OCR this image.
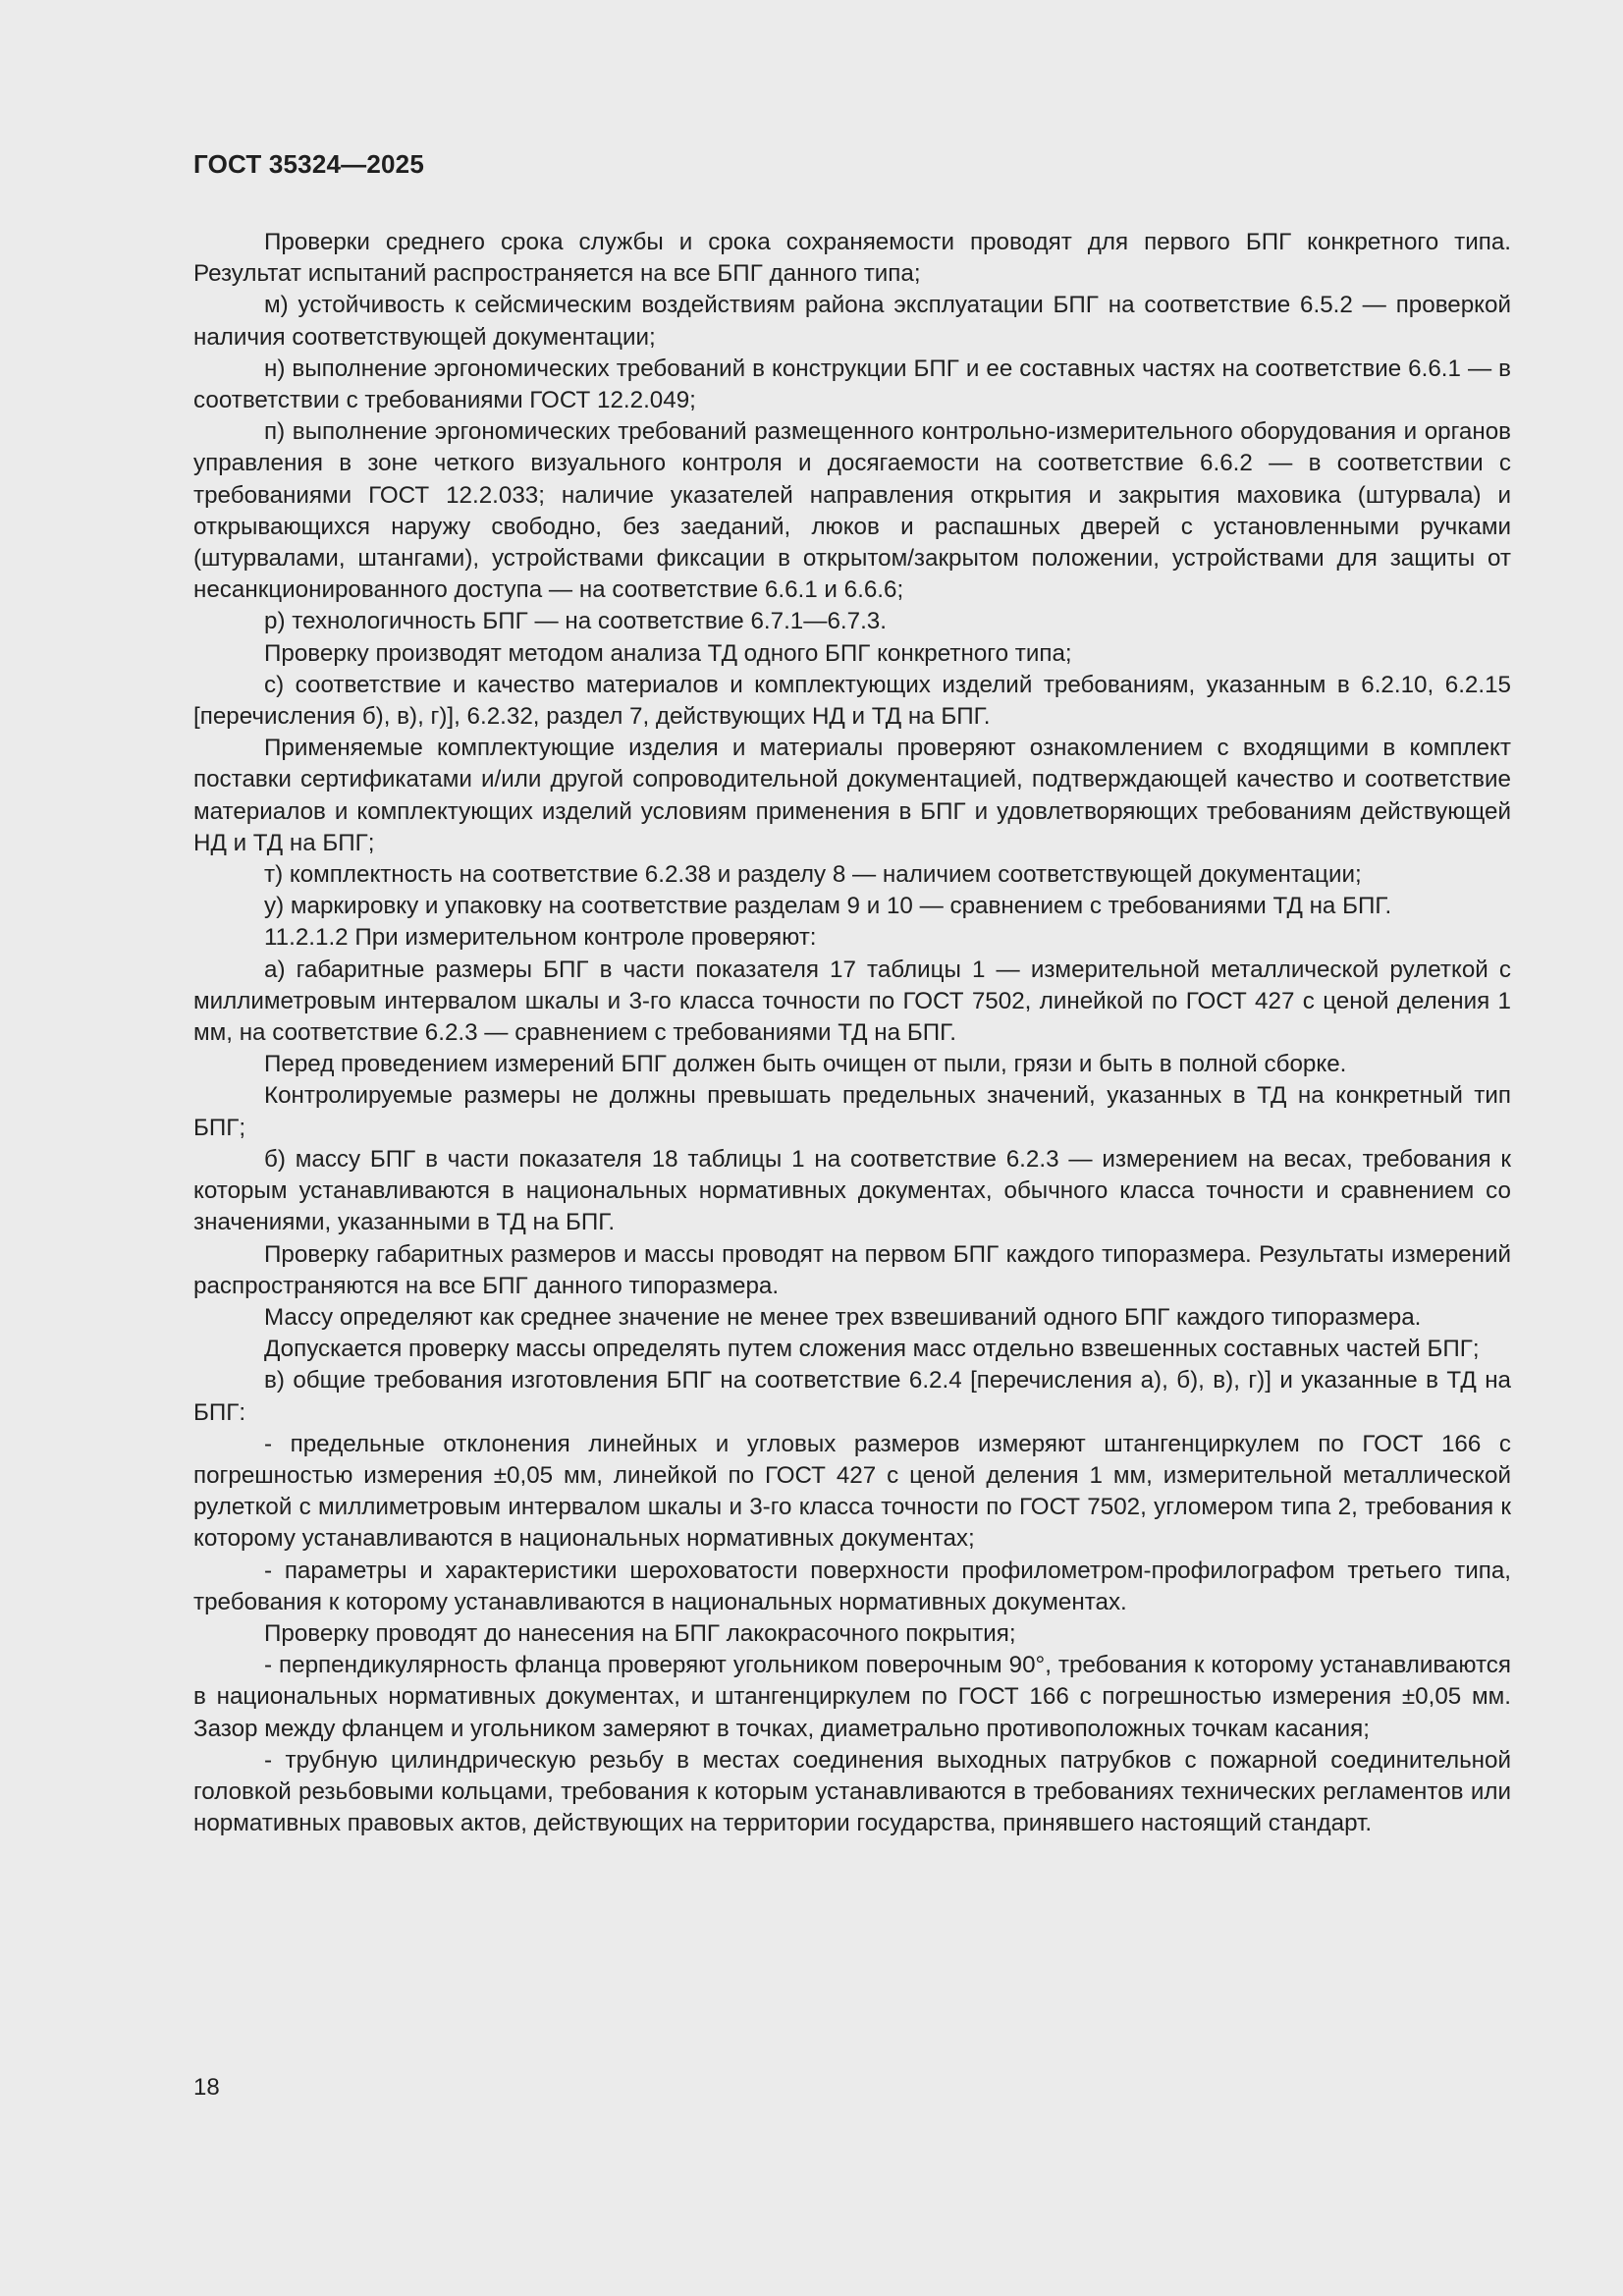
ГОСТ 35324—2025

Проверки среднего срока службы и срока сохраняемости проводят для первого БПГ конкретного типа. Результат испытаний распространяется на все БПГ данного типа;

м) устойчивость к сейсмическим воздействиям района эксплуатации БПГ на соответствие 6.5.2 — проверкой наличия соответствующей документации;

н) выполнение эргономических требований в конструкции БПГ и ее составных частях на соответствие 6.6.1 — в соответствии с требованиями ГОСТ 12.2.049;

п) выполнение эргономических требований размещенного контрольно-измерительного оборудования и органов управления в зоне четкого визуального контроля и досягаемости на соответствие 6.6.2 — в соответствии с требованиями ГОСТ 12.2.033; наличие указателей направления открытия и закрытия маховика (штурвала) и открывающихся наружу свободно, без заеданий, люков и распашных дверей с установленными ручками (штурвалами, штангами), устройствами фиксации в открытом/закрытом положении, устройствами для защиты от несанкционированного доступа — на соответствие 6.6.1 и 6.6.6;

р) технологичность БПГ — на соответствие 6.7.1—6.7.3.

Проверку производят методом анализа ТД одного БПГ конкретного типа;

с) соответствие и качество материалов и комплектующих изделий требованиям, указанным в 6.2.10, 6.2.15 [перечисления б), в), г)], 6.2.32, раздел 7, действующих НД и ТД на БПГ.

Применяемые комплектующие изделия и материалы проверяют ознакомлением с входящими в комплект поставки сертификатами и/или другой сопроводительной документацией, подтверждающей качество и соответствие материалов и комплектующих изделий условиям применения в БПГ и удовлетворяющих требованиям действующей НД и ТД на БПГ;

т) комплектность на соответствие 6.2.38 и разделу 8 — наличием соответствующей документации;

у) маркировку и упаковку на соответствие разделам 9 и 10 — сравнением с требованиями ТД на БПГ.

11.2.1.2 При измерительном контроле проверяют:

а) габаритные размеры БПГ в части показателя 17 таблицы 1 — измерительной металлической рулеткой с миллиметровым интервалом шкалы и 3-го класса точности по ГОСТ 7502, линейкой по ГОСТ 427 с ценой деления 1 мм, на соответствие 6.2.3 — сравнением с требованиями ТД на БПГ.

Перед проведением измерений БПГ должен быть очищен от пыли, грязи и быть в полной сборке.

Контролируемые размеры не должны превышать предельных значений, указанных в ТД на конкретный тип БПГ;

б) массу БПГ в части показателя 18 таблицы 1 на соответствие 6.2.3 — измерением на весах, требования к которым устанавливаются в национальных нормативных документах, обычного класса точности и сравнением со значениями, указанными в ТД на БПГ.

Проверку габаритных размеров и массы проводят на первом БПГ каждого типоразмера. Результаты измерений распространяются на все БПГ данного типоразмера.

Массу определяют как среднее значение не менее трех взвешиваний одного БПГ каждого типоразмера.

Допускается проверку массы определять путем сложения масс отдельно взвешенных составных частей БПГ;

в) общие требования изготовления БПГ на соответствие 6.2.4 [перечисления а), б), в), г)] и указанные в ТД на БПГ:

- предельные отклонения линейных и угловых размеров измеряют штангенциркулем по ГОСТ 166 с погрешностью измерения ±0,05 мм, линейкой по ГОСТ 427 с ценой деления 1 мм, измерительной металлической рулеткой с миллиметровым интервалом шкалы и 3-го класса точности по ГОСТ 7502, угломером типа 2, требования к которому устанавливаются в национальных нормативных документах;

- параметры и характеристики шероховатости поверхности профилометром-профилографом третьего типа, требования к которому устанавливаются в национальных нормативных документах.

Проверку проводят до нанесения на БПГ лакокрасочного покрытия;

- перпендикулярность фланца проверяют угольником поверочным 90°, требования к которому устанавливаются в национальных нормативных документах, и штангенциркулем по ГОСТ 166 с погрешностью измерения ±0,05 мм. Зазор между фланцем и угольником замеряют в точках, диаметрально противоположных точкам касания;

- трубную цилиндрическую резьбу в местах соединения выходных патрубков с пожарной соединительной головкой резьбовыми кольцами, требования к которым устанавливаются в требованиях технических регламентов или нормативных правовых актов, действующих на территории государства, принявшего настоящий стандарт.

18
